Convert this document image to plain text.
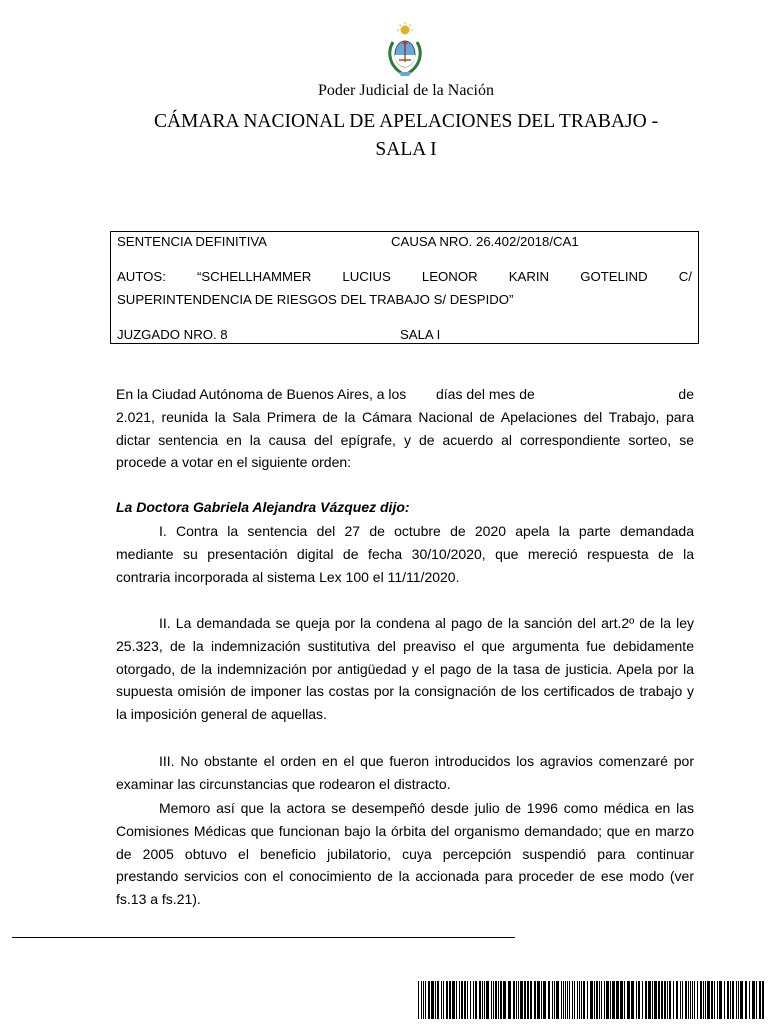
Poder Judicial de la Nación
CÁMARA NACIONAL DE APELACIONES DEL TRABAJO -
SALA I
SENTENCIA DEFINITIVA	CAUSA NRO. 26.402/2018/CA1
AUTOS: “SCHELLHAMMER LUCIUS LEONOR KARIN GOTELIND C/
SUPERINTENDENCIA DE RIESGOS DEL TRABAJO S/ DESPIDO”
JUZGADO NRO. 8	SALA I
En la Ciudad Autónoma de Buenos Aires, a los días del mes de	de
2.021, reunida la Sala Primera de la Cámara Nacional de Apelaciones del Trabajo, para
dictar sentencia en la causa del epígrafe, y de acuerdo al correspondiente sorteo, se
procede a votar en el siguiente orden:
La Doctora Gabriela Alejandra Vázquez dijo:
I. Contra la sentencia del 27 de octubre de 2020 apela la parte demandada
mediante su presentación digital de fecha 30/10/2020, que mereció respuesta de la
contraria incorporada al sistema Lex 100 el 11/11/2020.
II. La demandada se queja por la condena al pago de la sanción del art.2º de la ley
25.323, de la indemnización sustitutiva del preaviso el que argumenta fue debidamente
otorgado, de la indemnización por antigüedad y el pago de la tasa de justicia. Apela por la
supuesta omisión de imponer las costas por la consignación de los certificados de trabajo y
la imposición general de aquellas.
III. No obstante el orden en el que fueron introducidos los agravios comenzaré por
examinar las circunstancias que rodearon el distracto.
Memoro así que la actora se desempeñó desde julio de 1996 como médica en las
Comisiones Médicas que funcionan bajo la órbita del organismo demandado; que en marzo
de 2005 obtuvo el beneficio jubilatorio, cuya percepción suspendió para continuar
prestando servicios con el conocimiento de la accionada para proceder de ese modo (ver
fs.13 a fs.21).
